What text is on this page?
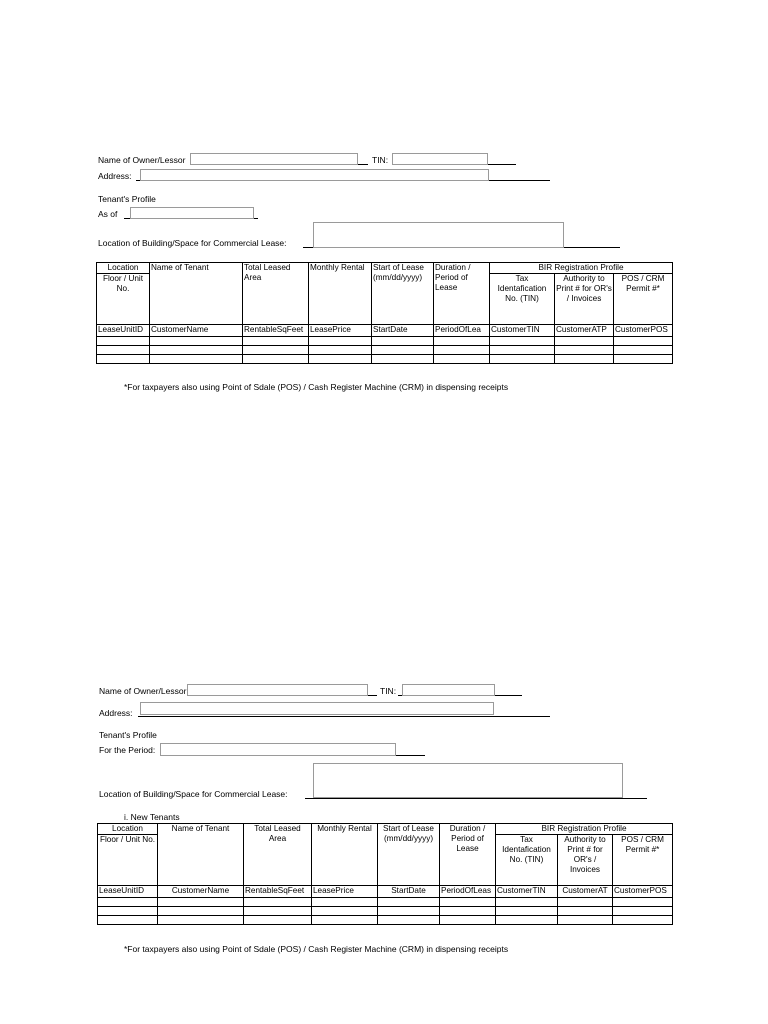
Name of Owner/Lessor	TIN:
Address:
Tenant's Profile
As of
Location of Building/Space for Commercial Lease:
Location	Name of Tenant	Total Leased Area	Monthly Rental	Start of Lease (mm/dd/yyyy)	Duration / Period of Lease	BIR Registration Profile		
Floor / Unit No.						Tax Identafication No. (TIN)	Authority to Print # for OR's / Invoices	POS / CRM Permit #*
LeaseUnitID	CustomerName	RentableSqFeet	LeasePrice	StartDate	PeriodOfLea	CustomerTIN	CustomerATP	CustomerPOS

*For taxpayers also using Point of Sdale (POS) / Cash Register Machine (CRM) in dispensing receipts
Name of Owner/Lessor	TIN:
Address:
Tenant's Profile
For the Period:
Location of Building/Space for Commercial Lease:
i. New Tenants
Location	Name of Tenant	Total Leased Area	Monthly Rental	Start of Lease (mm/dd/yyyy)	Duration / Period of Lease	BIR Registration Profile		
Floor / Unit No.						Tax Identafication No. (TIN)	Authority to Print # for OR's / Invoices	POS / CRM Permit #*
LeaseUnitID	CustomerName	RentableSqFeet	LeasePrice	StartDate	PeriodOfLeas	CustomerTIN	CustomerAT	CustomerPOS

*For taxpayers also using Point of Sdale (POS) / Cash Register Machine (CRM) in dispensing receipts
